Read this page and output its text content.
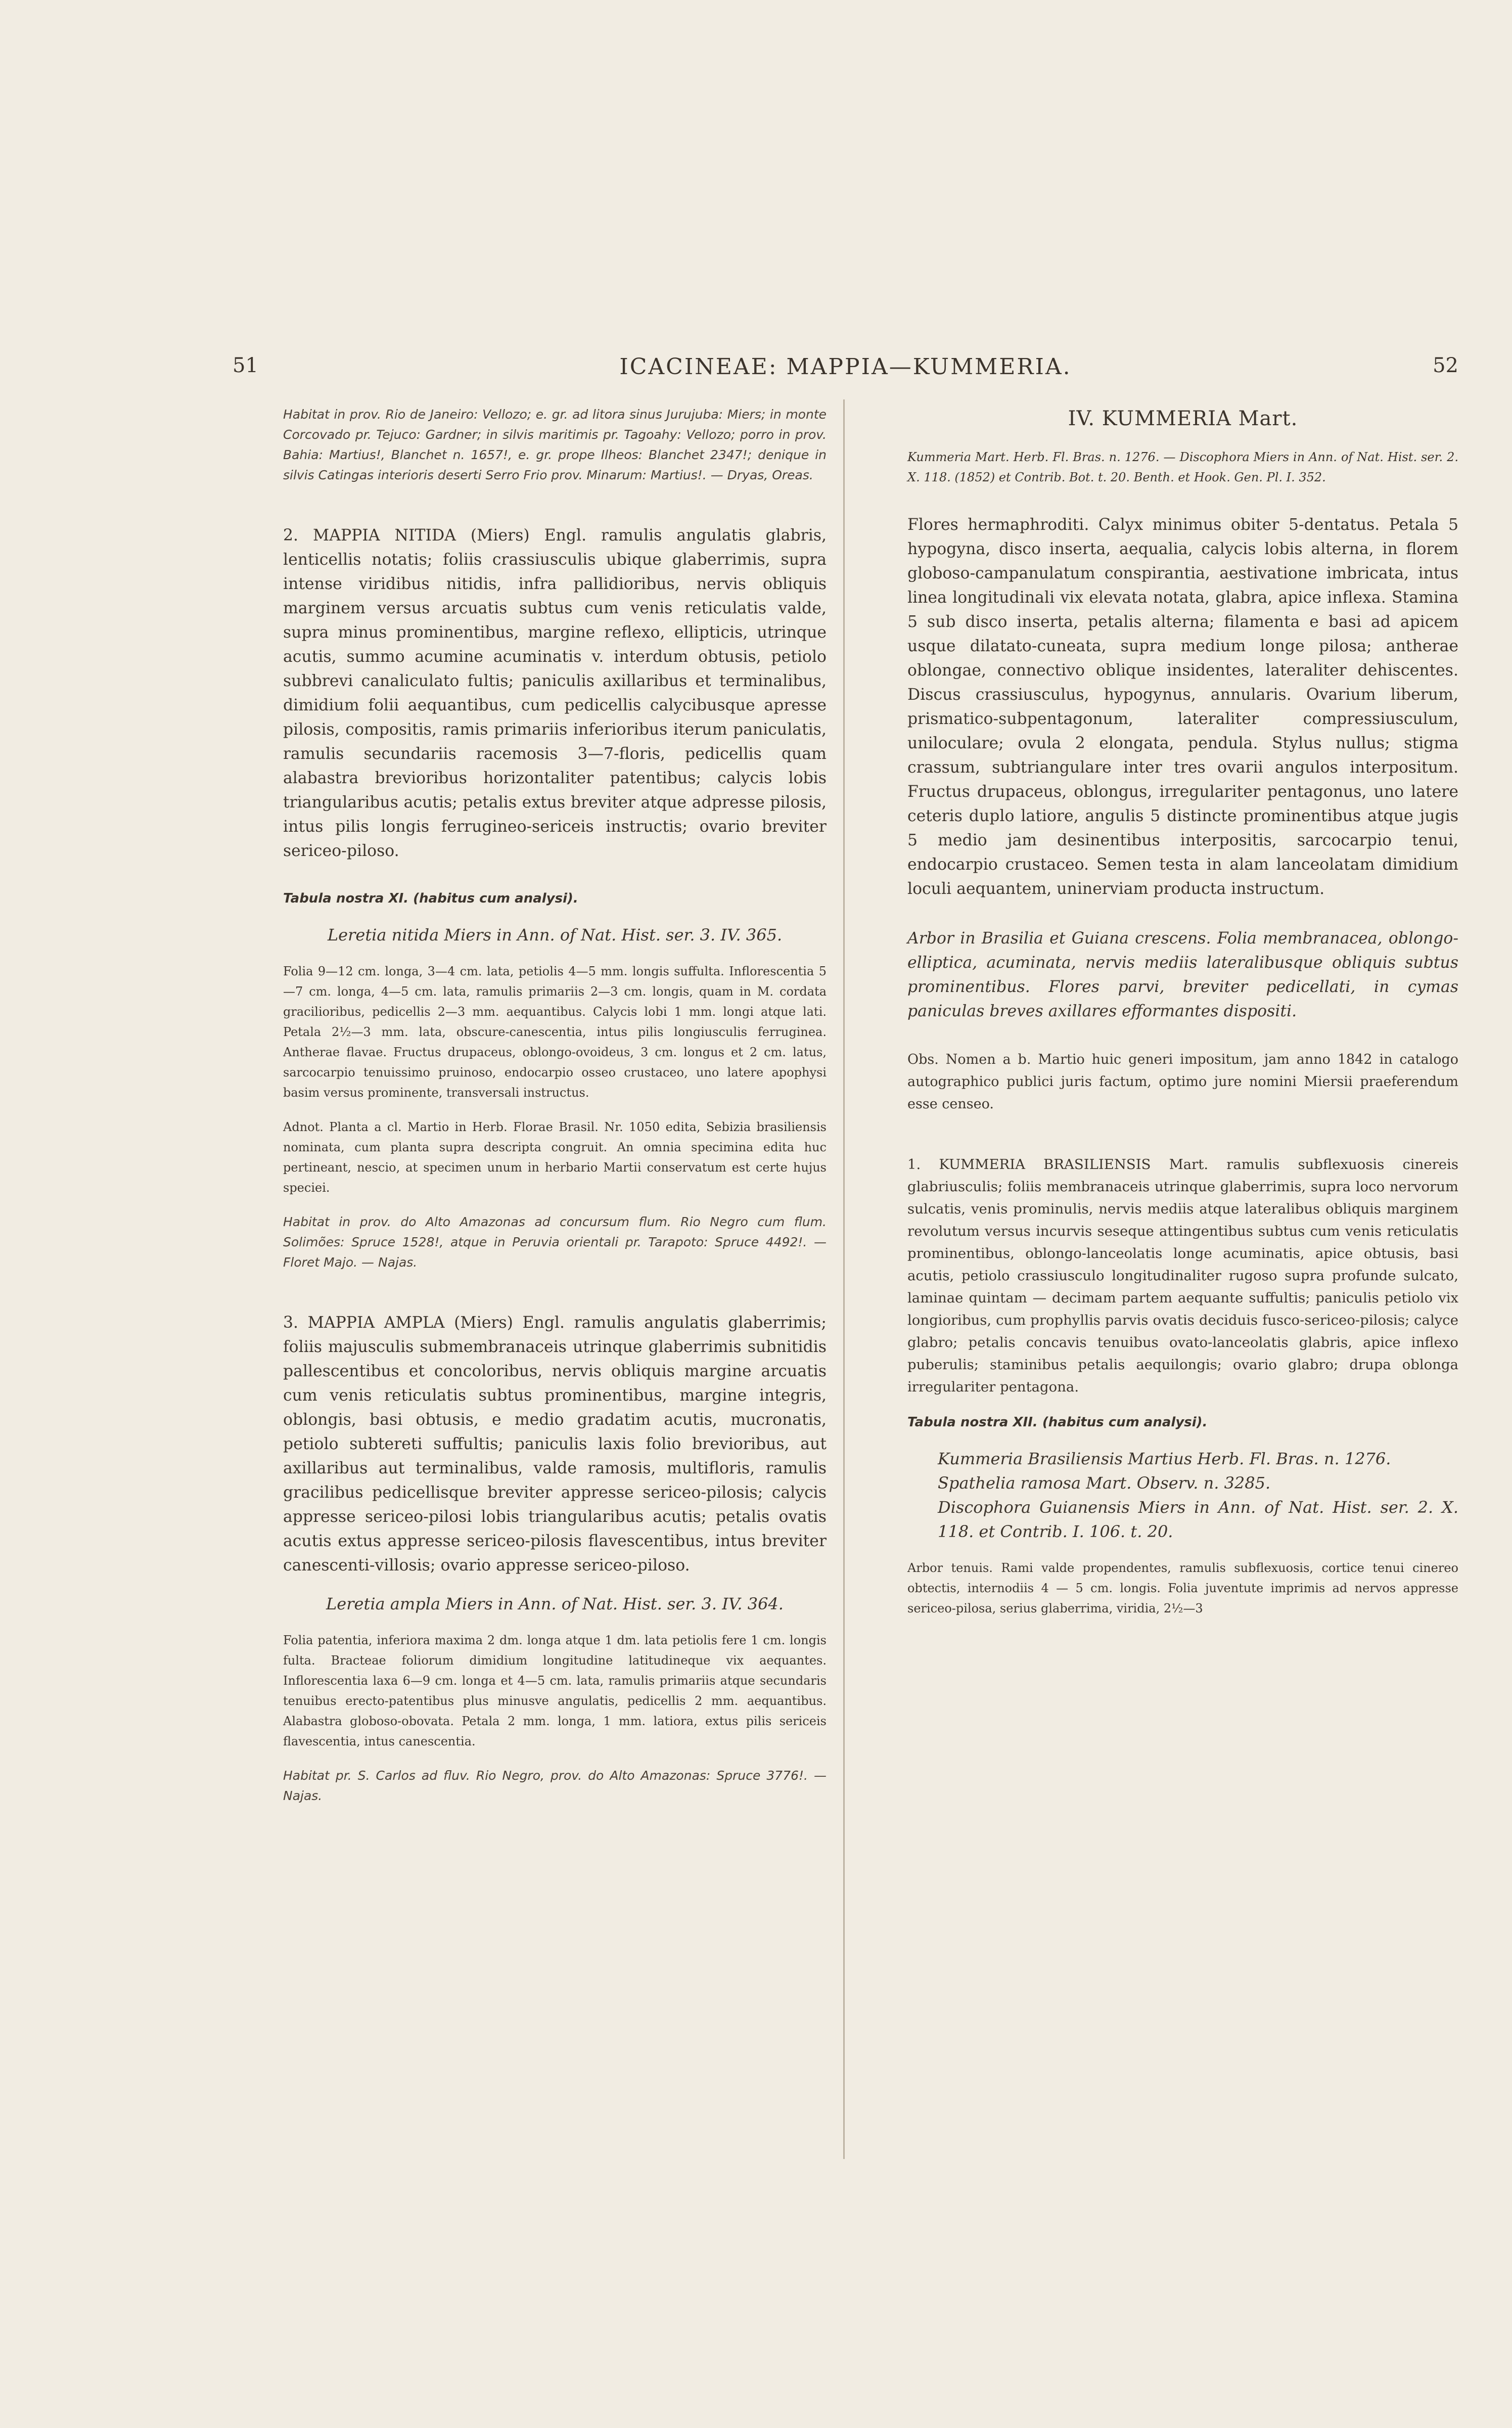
51	ICACINEAE: MAPPIA—KUMMERIA.	52

Habitat in prov. Rio de Janeiro: Vellozo; e. gr. ad litora sinus Jurujuba: Miers; in monte Corcovado pr. Tejuco: Gardner; in silvis maritimis pr. Tagoahy: Vellozo; porro in prov. Bahia: Martius!, Blanchet n. 1657!, e. gr. prope Ilheos: Blanchet 2347!; denique in silvis Catingas interioris deserti Serro Frio prov. Minarum: Martius!. — Dryas, Oreas.

2. MAPPIA NITIDA (Miers) Engl. ramulis angulatis glabris, lenticellis notatis; foliis crassiusculis ubique glaberrimis, supra intense viridibus nitidis, infra pallidioribus, nervis obliquis marginem versus arcuatis subtus cum venis reticulatis valde, supra minus prominentibus, margine reflexo, ellipticis, utrinque acutis, summo acumine acuminatis v. interdum obtusis, petiolo subbrevi canaliculato fultis; paniculis axillaribus et terminalibus, dimidium folii aequantibus, cum pedicellis calycibusque apresse pilosis, compositis, ramis primariis inferioribus iterum paniculatis, ramulis secundariis racemosis 3—7-floris, pedicellis quam alabastra brevioribus horizontaliter patentibus; calycis lobis triangularibus acutis; petalis extus breviter atque adpresse pilosis, intus pilis longis ferrugineo-sericeis instructis; ovario breviter sericeo-piloso.

Tabula nostra XI. (habitus cum analysi).

Leretia nitida Miers in Ann. of Nat. Hist. ser. 3. IV. 365.

Folia 9—12 cm. longa, 3—4 cm. lata, petiolis 4—5 mm. longis suffulta. Inflorescentia 5—7 cm. longa, 4—5 cm. lata, ramulis primariis 2—3 cm. longis, quam in M. cordata gracilioribus, pedicellis 2—3 mm. aequantibus. Calycis lobi 1 mm. longi atque lati. Petala 2½—3 mm. lata, obscure-canescentia, intus pilis longiusculis ferruginea. Antherae flavae. Fructus drupaceus, oblongo-ovoideus, 3 cm. longus et 2 cm. latus, sarcocarpio tenuissimo pruinoso, endocarpio osseo crustaceo, uno latere apophysi basim versus prominente, transversali instructus.

Adnot. Planta a cl. Martio in Herb. Florae Brasil. Nr. 1050 edita, Sebizia brasiliensis nominata, cum planta supra descripta congruit. An omnia specimina edita huc pertineant, nescio, at specimen unum in herbario Martii conservatum est certe hujus speciei.

Habitat in prov. do Alto Amazonas ad concursum flum. Rio Negro cum flum. Solimões: Spruce 1528!, atque in Peruvia orientali pr. Tarapoto: Spruce 4492!. — Floret Majo. — Najas.

3. MAPPIA AMPLA (Miers) Engl. ramulis angulatis glaberrimis; foliis majusculis submembranaceis utrinque glaberrimis subnitidis pallescentibus et concoloribus, nervis obliquis margine arcuatis cum venis reticulatis subtus prominentibus, margine integris, oblongis, basi obtusis, e medio gradatim acutis, mucronatis, petiolo subtereti suffultis; paniculis laxis folio brevioribus, aut axillaribus aut terminalibus, valde ramosis, multifloris, ramulis gracilibus pedicellisque breviter appresse sericeo-pilosis; calycis appresse sericeo-pilosi lobis triangularibus acutis; petalis ovatis acutis extus appresse sericeo-pilosis flavescentibus, intus breviter canescenti-villosis; ovario appresse sericeo-piloso.

Leretia ampla Miers in Ann. of Nat. Hist. ser. 3. IV. 364.

Folia patentia, inferiora maxima 2 dm. longa atque 1 dm. lata petiolis fere 1 cm. longis fulta. Bracteae foliorum dimidium longitudine latitudineque vix aequantes. Inflorescentia laxa 6—9 cm. longa et 4—5 cm. lata, ramulis primariis atque secundaris tenuibus erecto-patentibus plus minusve angulatis, pedicellis 2 mm. aequantibus. Alabastra globoso-obovata. Petala 2 mm. longa, 1 mm. latiora, extus pilis sericeis flavescentia, intus canescentia.

Habitat pr. S. Carlos ad fluv. Rio Negro, prov. do Alto Amazonas: Spruce 3776!. — Najas.

IV. KUMMERIA Mart.

Kummeria Mart. Herb. Fl. Bras. n. 1276. — Discophora Miers in Ann. of Nat. Hist. ser. 2. X. 118. (1852) et Contrib. Bot. t. 20. Benth. et Hook. Gen. Pl. I. 352.

Flores hermaphroditi. Calyx minimus obiter 5-dentatus. Petala 5 hypogyna, disco inserta, aequalia, calycis lobis alterna, in florem globoso-campanulatum conspirantia, aestivatione imbricata, intus linea longitudinali vix elevata notata, glabra, apice inflexa. Stamina 5 sub disco inserta, petalis alterna; filamenta e basi ad apicem usque dilatato-cuneata, supra medium longe pilosa; antherae oblongae, connectivo oblique insidentes, lateraliter dehiscentes. Discus crassiusculus, hypogynus, annularis. Ovarium liberum, prismatico-subpentagonum, lateraliter compressiusculum, uniloculare; ovula 2 elongata, pendula. Stylus nullus; stigma crassum, subtriangulare inter tres ovarii angulos interpositum. Fructus drupaceus, oblongus, irregulariter pentagonus, uno latere ceteris duplo latiore, angulis 5 distincte prominentibus atque jugis 5 medio jam desinentibus interpositis, sarcocarpio tenui, endocarpio crustaceo. Semen testa in alam lanceolatam dimidium loculi aequantem, uninerviam producta instructum.

Arbor in Brasilia et Guiana crescens. Folia membranacea, oblongo-elliptica, acuminata, nervis mediis lateralibusque obliquis subtus prominentibus. Flores parvi, breviter pedicellati, in cymas paniculas breves axillares efformantes dispositi.

Obs. Nomen a b. Martio huic generi impositum, jam anno 1842 in catalogo autographico publici juris factum, optimo jure nomini Miersii praeferendum esse censeo.

1. KUMMERIA BRASILIENSIS Mart. ramulis subflexuosis cinereis glabriusculis; foliis membranaceis utrinque glaberrimis, supra loco nervorum sulcatis, venis prominulis, nervis mediis atque lateralibus obliquis marginem revolutum versus incurvis seseque attingentibus subtus cum venis reticulatis prominentibus, oblongo-lanceolatis longe acuminatis, apice obtusis, basi acutis, petiolo crassiusculo longitudinaliter rugoso supra profunde sulcato, laminae quintam — decimam partem aequante suffultis; paniculis petiolo vix longioribus, cum prophyllis parvis ovatis deciduis fusco-sericeo-pilosis; calyce glabro; petalis concavis tenuibus ovato-lanceolatis glabris, apice inflexo puberulis; staminibus petalis aequilongis; ovario glabro; drupa oblonga irregulariter pentagona.

Tabula nostra XII. (habitus cum analysi).

Kummeria Brasiliensis Martius Herb. Fl. Bras. n. 1276.

Spathelia ramosa Mart. Observ. n. 3285.

Discophora Guianensis Miers in Ann. of Nat. Hist. ser. 2. X. 118. et Contrib. I. 106. t. 20.

Arbor tenuis. Rami valde propendentes, ramulis subflexuosis, cortice tenui cinereo obtectis, internodiis 4 — 5 cm. longis. Folia juventute imprimis ad nervos appresse sericeo-pilosa, serius glaberrima, viridia, 2½—3
